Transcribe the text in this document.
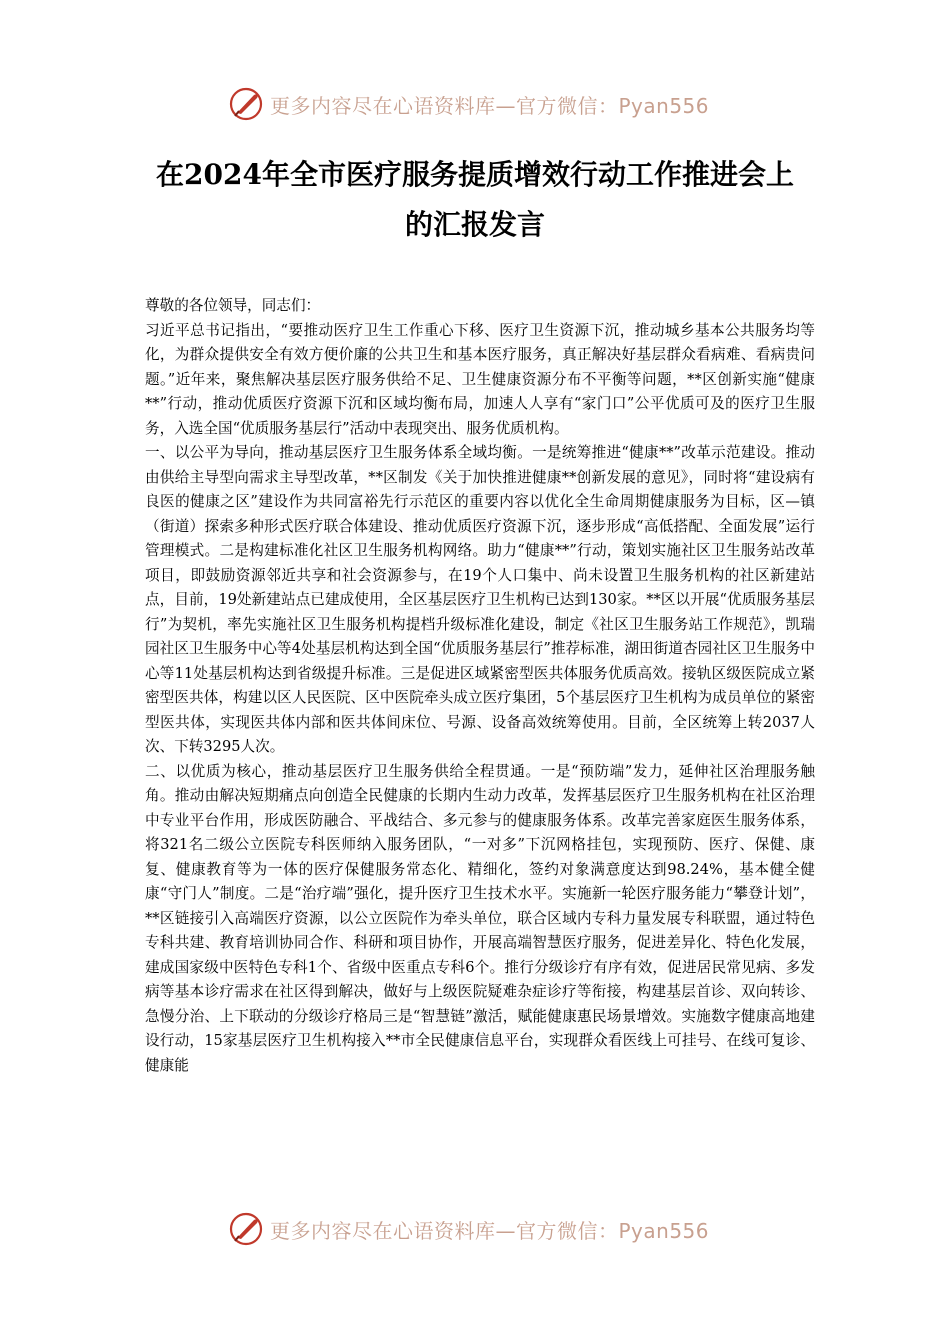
更多内容尽在心语资料库—官方微信：Pyan556
在2024年全市医疗服务提质增效行动工作推进会上
的汇报发言

尊敬的各位领导，同志们：

习近平总书记指出，“要推动医疗卫生工作重心下移、医疗卫生资源下沉，推动城乡基本公共服务均等化，为群众提供安全有效方便价廉的公共卫生和基本医疗服务，真正解决好基层群众看病难、看病贵问题。”近年来，聚焦解决基层医疗服务供给不足、卫生健康资源分布不平衡等问题，**区创新实施“健康**”行动，推动优质医疗资源下沉和区域均衡布局，加速人人享有“家门口”公平优质可及的医疗卫生服务，入选全国“优质服务基层行”活动中表现突出、服务优质机构。

一、以公平为导向，推动基层医疗卫生服务体系全域均衡。一是统筹推进“健康**”改革示范建设。推动由供给主导型向需求主导型改革，**区制发《关于加快推进健康**创新发展的意见》，同时将“建设病有良医的健康之区”建设作为共同富裕先行示范区的重要内容以优化全生命周期健康服务为目标，区—镇（街道）探索多种形式医疗联合体建设、推动优质医疗资源下沉，逐步形成“高低搭配、全面发展”运行管理模式。二是构建标准化社区卫生服务机构网络。助力“健康**”行动，策划实施社区卫生服务站改革项目，即鼓励资源邻近共享和社会资源参与，在19个人口集中、尚未设置卫生服务机构的社区新建站点，目前，19处新建站点已建成使用，全区基层医疗卫生机构已达到130家。**区以开展“优质服务基层行”为契机，率先实施社区卫生服务机构提档升级标准化建设，制定《社区卫生服务站工作规范》，凯瑞园社区卫生服务中心等4处基层机构达到全国“优质服务基层行”推荐标准，湖田街道杏园社区卫生服务中心等11处基层机构达到省级提升标准。三是促进区域紧密型医共体服务优质高效。接轨区级医院成立紧密型医共体，构建以区人民医院、区中医院牵头成立医疗集团，5个基层医疗卫生机构为成员单位的紧密型医共体，实现医共体内部和医共体间床位、号源、设备高效统筹使用。目前，全区统筹上转2037人次、下转3295人次。

二、以优质为核心，推动基层医疗卫生服务供给全程贯通。一是“预防端”发力，延伸社区治理服务触角。推动由解决短期痛点向创造全民健康的长期内生动力改革，发挥基层医疗卫生服务机构在社区治理中专业平台作用，形成医防融合、平战结合、多元参与的健康服务体系。改革完善家庭医生服务体系，将321名二级公立医院专科医师纳入服务团队，“一对多”下沉网格挂包，实现预防、医疗、保健、康复、健康教育等为一体的医疗保健服务常态化、精细化，签约对象满意度达到98.24%，基本健全健康“守门人”制度。二是“治疗端”强化，提升医疗卫生技术水平。实施新一轮医疗服务能力“攀登计划”，**区链接引入高端医疗资源，以公立医院作为牵头单位，联合区域内专科力量发展专科联盟，通过特色专科共建、教育培训协同合作、科研和项目协作，开展高端智慧医疗服务，促进差异化、特色化发展，建成国家级中医特色专科1个、省级中医重点专科6个。推行分级诊疗有序有效，促进居民常见病、多发病等基本诊疗需求在社区得到解决，做好与上级医院疑难杂症诊疗等衔接，构建基层首诊、双向转诊、急慢分治、上下联动的分级诊疗格局三是“智慧链”激活，赋能健康惠民场景增效。实施数字健康高地建设行动，15家基层医疗卫生机构接入**市全民健康信息平台，实现群众看医线上可挂号、在线可复诊、健康能

更多内容尽在心语资料库—官方微信：Pyan556
